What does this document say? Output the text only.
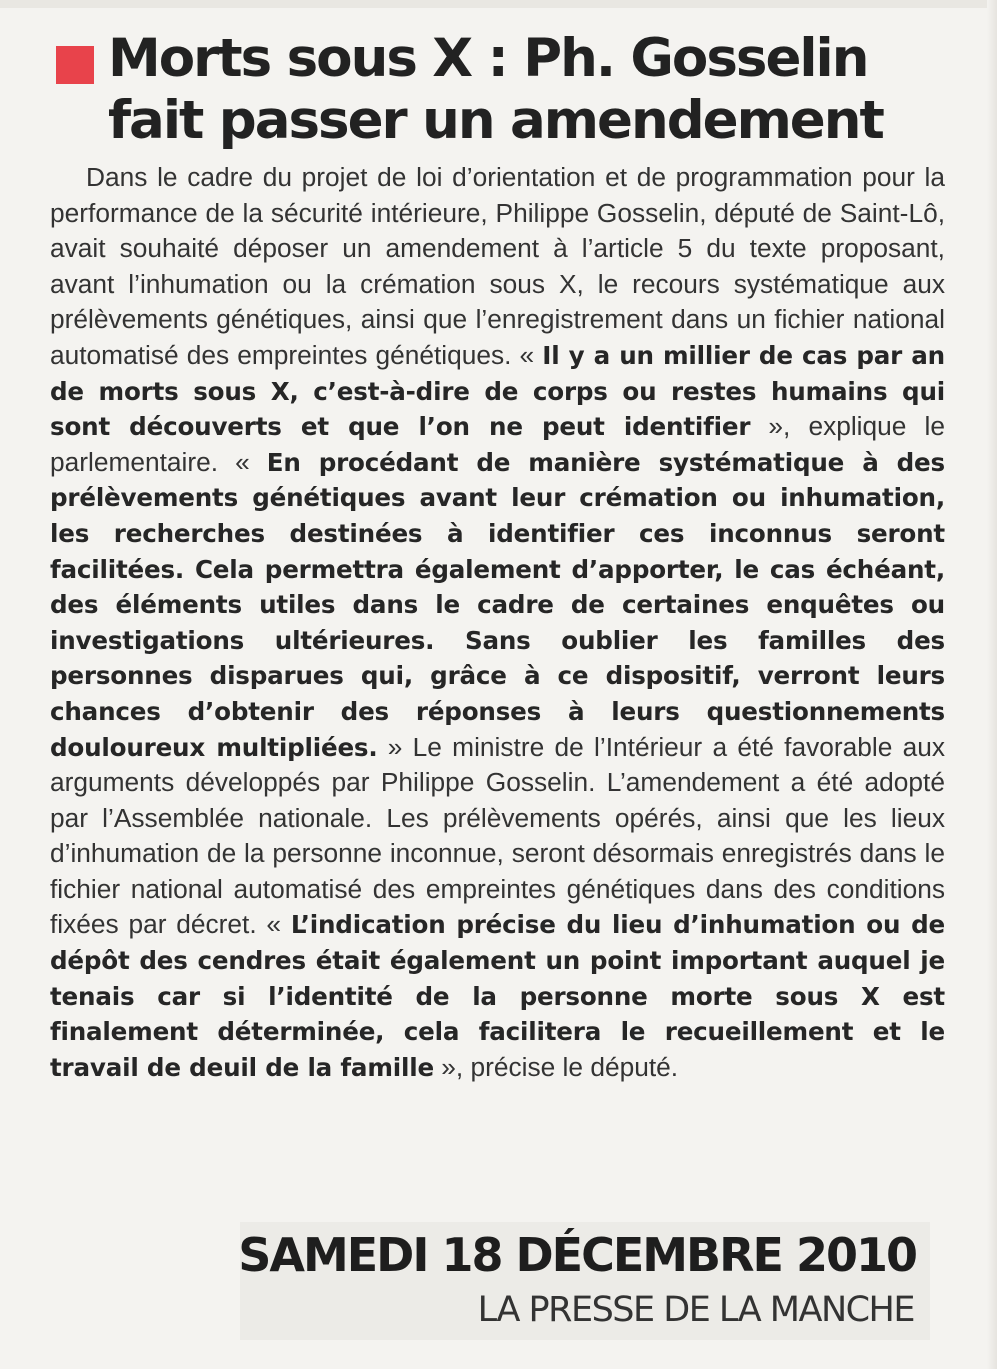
Morts sous X : Ph. Gosselin
fait passer un amendement

Dans le cadre du projet de loi d’orientation et de programmation pour la performance de la sécurité intérieure, Philippe Gosselin, député de Saint-Lô, avait souhaité déposer un amendement à l’article 5 du texte proposant, avant l’inhumation ou la crémation sous X, le recours systématique aux prélèvements génétiques, ainsi que l’enregistrement dans un fichier national automatisé des empreintes génétiques. « Il y a un millier de cas par an de morts sous X, c’est-à-dire de corps ou restes humains qui sont découverts et que l’on ne peut identifier », explique le parlementaire. « En procédant de manière systématique à des prélèvements génétiques avant leur crémation ou inhumation, les recherches destinées à identifier ces inconnus seront facilitées. Cela permettra également d’apporter, le cas échéant, des éléments utiles dans le cadre de certaines enquêtes ou investigations ultérieures. Sans oublier les familles des personnes disparues qui, grâce à ce dispositif, verront leurs chances d’obtenir des réponses à leurs questionnements douloureux multipliées. » Le ministre de l’Intérieur a été favorable aux arguments développés par Philippe Gosselin. L’amendement a été adopté par l’Assemblée nationale. Les prélèvements opérés, ainsi que les lieux d’inhumation de la personne inconnue, seront désormais enregistrés dans le fichier national automatisé des empreintes génétiques dans des conditions fixées par décret. « L’indication précise du lieu d’inhumation ou de dépôt des cendres était également un point important auquel je tenais car si l’identité de la personne morte sous X est finalement déterminée, cela facilitera le recueillement et le travail de deuil de la famille », précise le député.

SAMEDI 18 DÉCEMBRE 2010

LA PRESSE DE LA MANCHE
